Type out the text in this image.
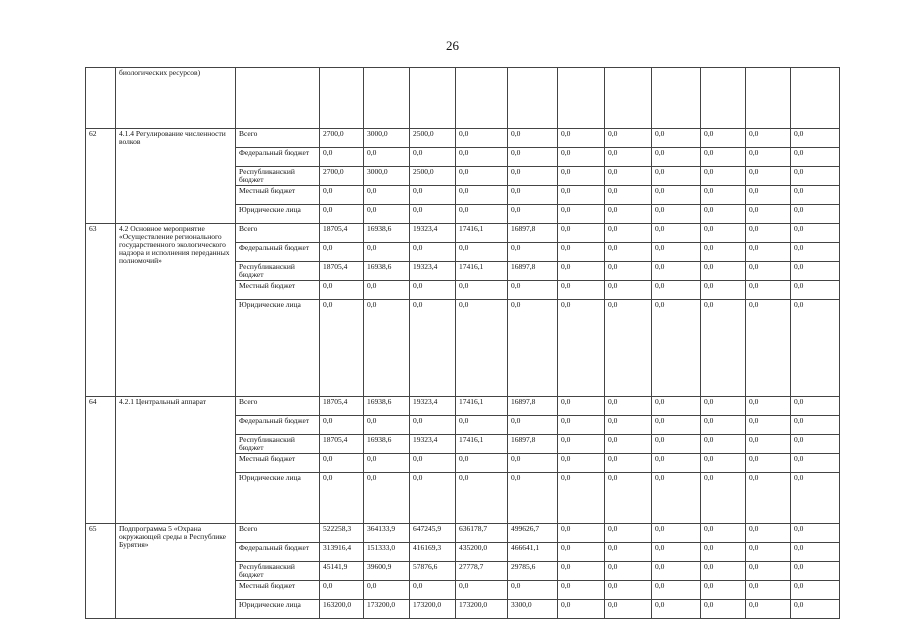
26
	биологических ресурсов)												
62	4.1.4 Регулирование численности волков	Всего	2700,0	3000,0	2500,0	0,0	0,0	0,0	0,0	0,0	0,0	0,0	0,0
		Федеральный бюджет	0,0	0,0	0,0	0,0	0,0	0,0	0,0	0,0	0,0	0,0	0,0
		Республиканский бюджет	2700,0	3000,0	2500,0	0,0	0,0	0,0	0,0	0,0	0,0	0,0	0,0
		Местный бюджет	0,0	0,0	0,0	0,0	0,0	0,0	0,0	0,0	0,0	0,0	0,0
		Юридические лица	0,0	0,0	0,0	0,0	0,0	0,0	0,0	0,0	0,0	0,0	0,0
63	4.2 Основное мероприятие «Осуществление регионального государственного экологического надзора и исполнения переданных полномочий»	Всего	18705,4	16938,6	19323,4	17416,1	16897,8	0,0	0,0	0,0	0,0	0,0	0,0
		Федеральный бюджет	0,0	0,0	0,0	0,0	0,0	0,0	0,0	0,0	0,0	0,0	0,0
		Республиканский бюджет	18705,4	16938,6	19323,4	17416,1	16897,8	0,0	0,0	0,0	0,0	0,0	0,0
		Местный бюджет	0,0	0,0	0,0	0,0	0,0	0,0	0,0	0,0	0,0	0,0	0,0
		Юридические лица	0,0	0,0	0,0	0,0	0,0	0,0	0,0	0,0	0,0	0,0	0,0
64	4.2.1 Центральный аппарат	Всего	18705,4	16938,6	19323,4	17416,1	16897,8	0,0	0,0	0,0	0,0	0,0	0,0
		Федеральный бюджет	0,0	0,0	0,0	0,0	0,0	0,0	0,0	0,0	0,0	0,0	0,0
		Республиканский бюджет	18705,4	16938,6	19323,4	17416,1	16897,8	0,0	0,0	0,0	0,0	0,0	0,0
		Местный бюджет	0,0	0,0	0,0	0,0	0,0	0,0	0,0	0,0	0,0	0,0	0,0
		Юридические лица	0,0	0,0	0,0	0,0	0,0	0,0	0,0	0,0	0,0	0,0	0,0
65	Подпрограмма 5 «Охрана окружающей среды в Республике Бурятия»	Всего	522258,3	364133,9	647245,9	636178,7	499626,7	0,0	0,0	0,0	0,0	0,0	0,0
		Федеральный бюджет	313916,4	151333,0	416169,3	435200,0	466641,1	0,0	0,0	0,0	0,0	0,0	0,0
		Республиканский бюджет	45141,9	39600,9	57876,6	27778,7	29785,6	0,0	0,0	0,0	0,0	0,0	0,0
		Местный бюджет	0,0	0,0	0,0	0,0	0,0	0,0	0,0	0,0	0,0	0,0	0,0
		Юридические лица	163200,0	173200,0	173200,0	173200,0	3300,0	0,0	0,0	0,0	0,0	0,0	0,0
